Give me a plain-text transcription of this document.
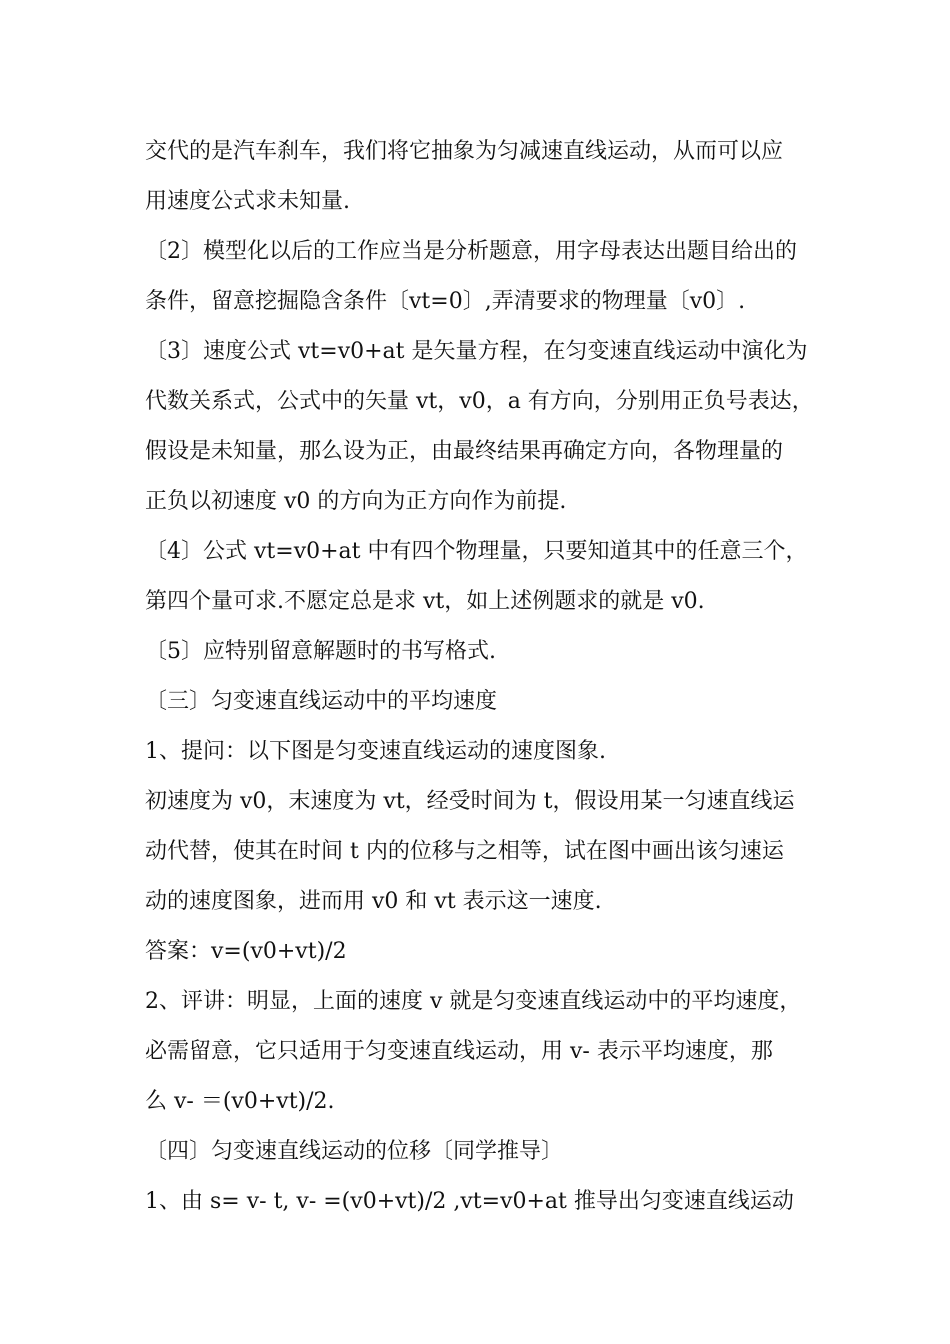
交代的是汽车刹车，我们将它抽象为匀减速直线运动，从而可以应
用速度公式求未知量.
〔2〕模型化以后的工作应当是分析题意，用字母表达出题目给出的
条件，留意挖掘隐含条件〔vt=0〕,弄清要求的物理量〔v0〕.
〔3〕速度公式 vt=v0+at 是矢量方程，在匀变速直线运动中演化为
代数关系式，公式中的矢量 vt，v0，a 有方向，分别用正负号表达，
假设是未知量，那么设为正，由最终结果再确定方向，各物理量的
正负以初速度 v0 的方向为正方向作为前提.
〔4〕公式 vt=v0+at 中有四个物理量，只要知道其中的任意三个，
第四个量可求.不愿定总是求 vt，如上述例题求的就是 v0.
〔5〕应特别留意解题时的书写格式.
〔三〕匀变速直线运动中的平均速度
1、提问：以下图是匀变速直线运动的速度图象.
初速度为 v0，末速度为 vt，经受时间为 t，假设用某一匀速直线运
动代替，使其在时间 t 内的位移与之相等，试在图中画出该匀速运
动的速度图象，进而用 v0 和 vt 表示这一速度.
答案：v=(v0+vt)/2
2、评讲：明显，上面的速度 v 就是匀变速直线运动中的平均速度，
必需留意，它只适用于匀变速直线运动，用 v- 表示平均速度，那
么 v- ＝(v0+vt)/2.
〔四〕匀变速直线运动的位移〔同学推导〕
1、由 s= v- t, v- =(v0+vt)/2 ,vt=v0+at 推导出匀变速直线运动
